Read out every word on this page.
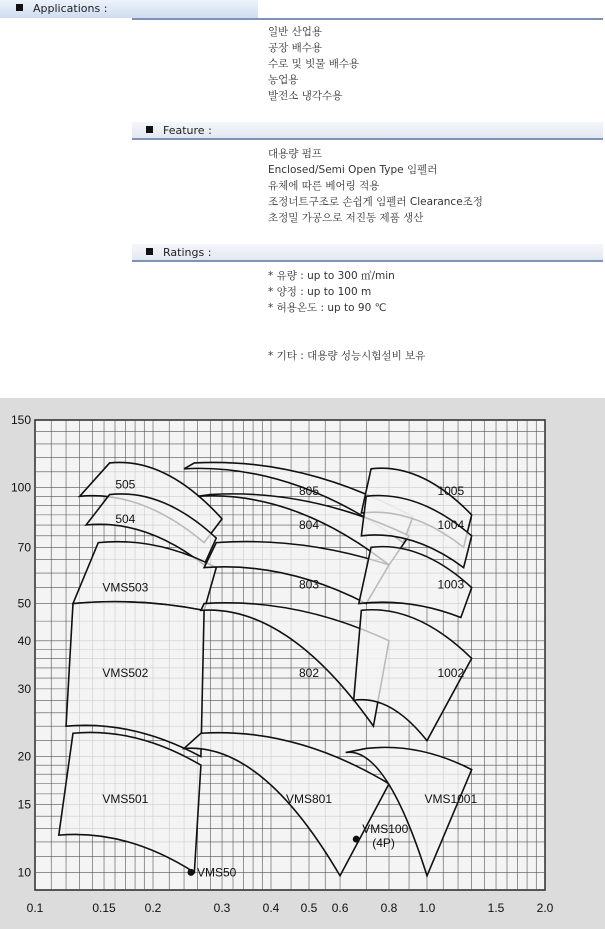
Applications :
일반 산업용
공장 배수용
수로 및 빗물 배수용
농업용
발전소 냉각수용
Feature :
대용량 펌프
Enclosed/Semi Open Type 임펠러
유체에 따른 베어링 적용
조정너트구조로 손쉽게 임펠러 Clearance조정
초정밀 가공으로 저진동 제품 생산
Ratings :
* 유량 : up to 300 ㎥/min
* 양정 : up to 100 m
* 허용온도 : up to 90 ℃
* 기타 : 대용량 성능시험설비 보유
505
504
VMS503
VMS502
VMS501
805
804
803
802
VMS801
1005
1004
1003
1002
VMS1001
0.1	0.15 0.2	0.3	0.4 0.5 0.6	0.8 1.0	1.5	2.0
10
15
20
30
40
50
70
100
150
VMS50
VMS100
(4P)
